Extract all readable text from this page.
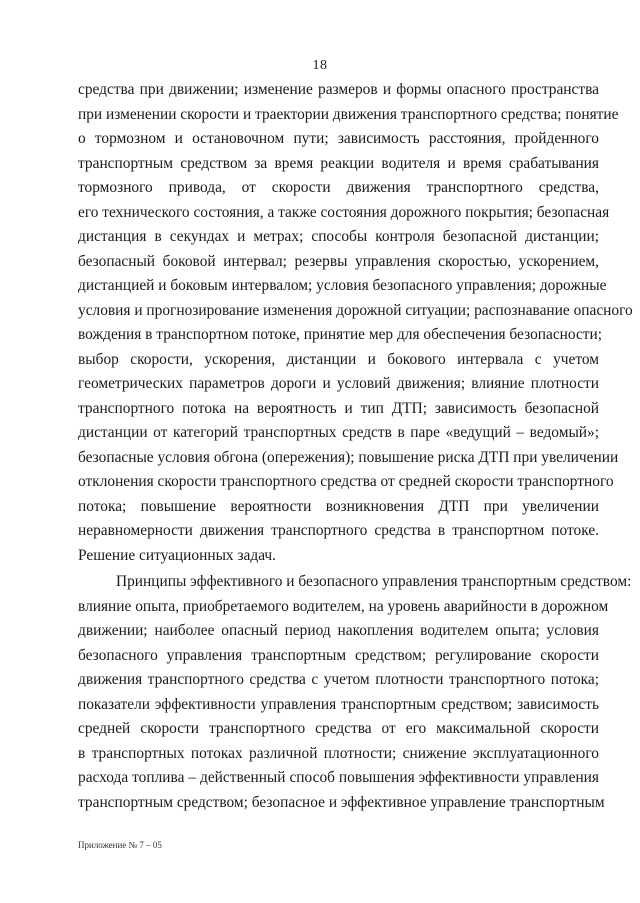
18
средства при движении; изменение размеров и формы опасного пространства
при изменении скорости и траектории движения транспортного средства; понятие
о тормозном и остановочном пути; зависимость расстояния, пройденного
транспортным средством за время реакции водителя и время срабатывания
тормозного привода, от скорости движения транспортного средства,
его технического состояния, а также состояния дорожного покрытия; безопасная
дистанция в секундах и метрах; способы контроля безопасной дистанции;
безопасный боковой интервал; резервы управления скоростью, ускорением,
дистанцией и боковым интервалом; условия безопасного управления; дорожные
условия и прогнозирование изменения дорожной ситуации; распознавание опасного
вождения в транспортном потоке, принятие мер для обеспечения безопасности;
выбор скорости, ускорения, дистанции и бокового интервала с учетом
геометрических параметров дороги и условий движения; влияние плотности
транспортного потока на вероятность и тип ДТП; зависимость безопасной
дистанции от категорий транспортных средств в паре «ведущий – ведомый»;
безопасные условия обгона (опережения); повышение риска ДТП при увеличении
отклонения скорости транспортного средства от средней скорости транспортного
потока; повышение вероятности возникновения ДТП при увеличении
неравномерности движения транспортного средства в транспортном потоке.
Решение ситуационных задач.
Принципы эффективного и безопасного управления транспортным средством:
влияние опыта, приобретаемого водителем, на уровень аварийности в дорожном
движении; наиболее опасный период накопления водителем опыта; условия
безопасного управления транспортным средством; регулирование скорости
движения транспортного средства с учетом плотности транспортного потока;
показатели эффективности управления транспортным средством; зависимость
средней скорости транспортного средства от его максимальной скорости
в транспортных потоках различной плотности; снижение эксплуатационного
расхода топлива – действенный способ повышения эффективности управления
транспортным средством; безопасное и эффективное управление транспортным
Приложение № 7 – 05
